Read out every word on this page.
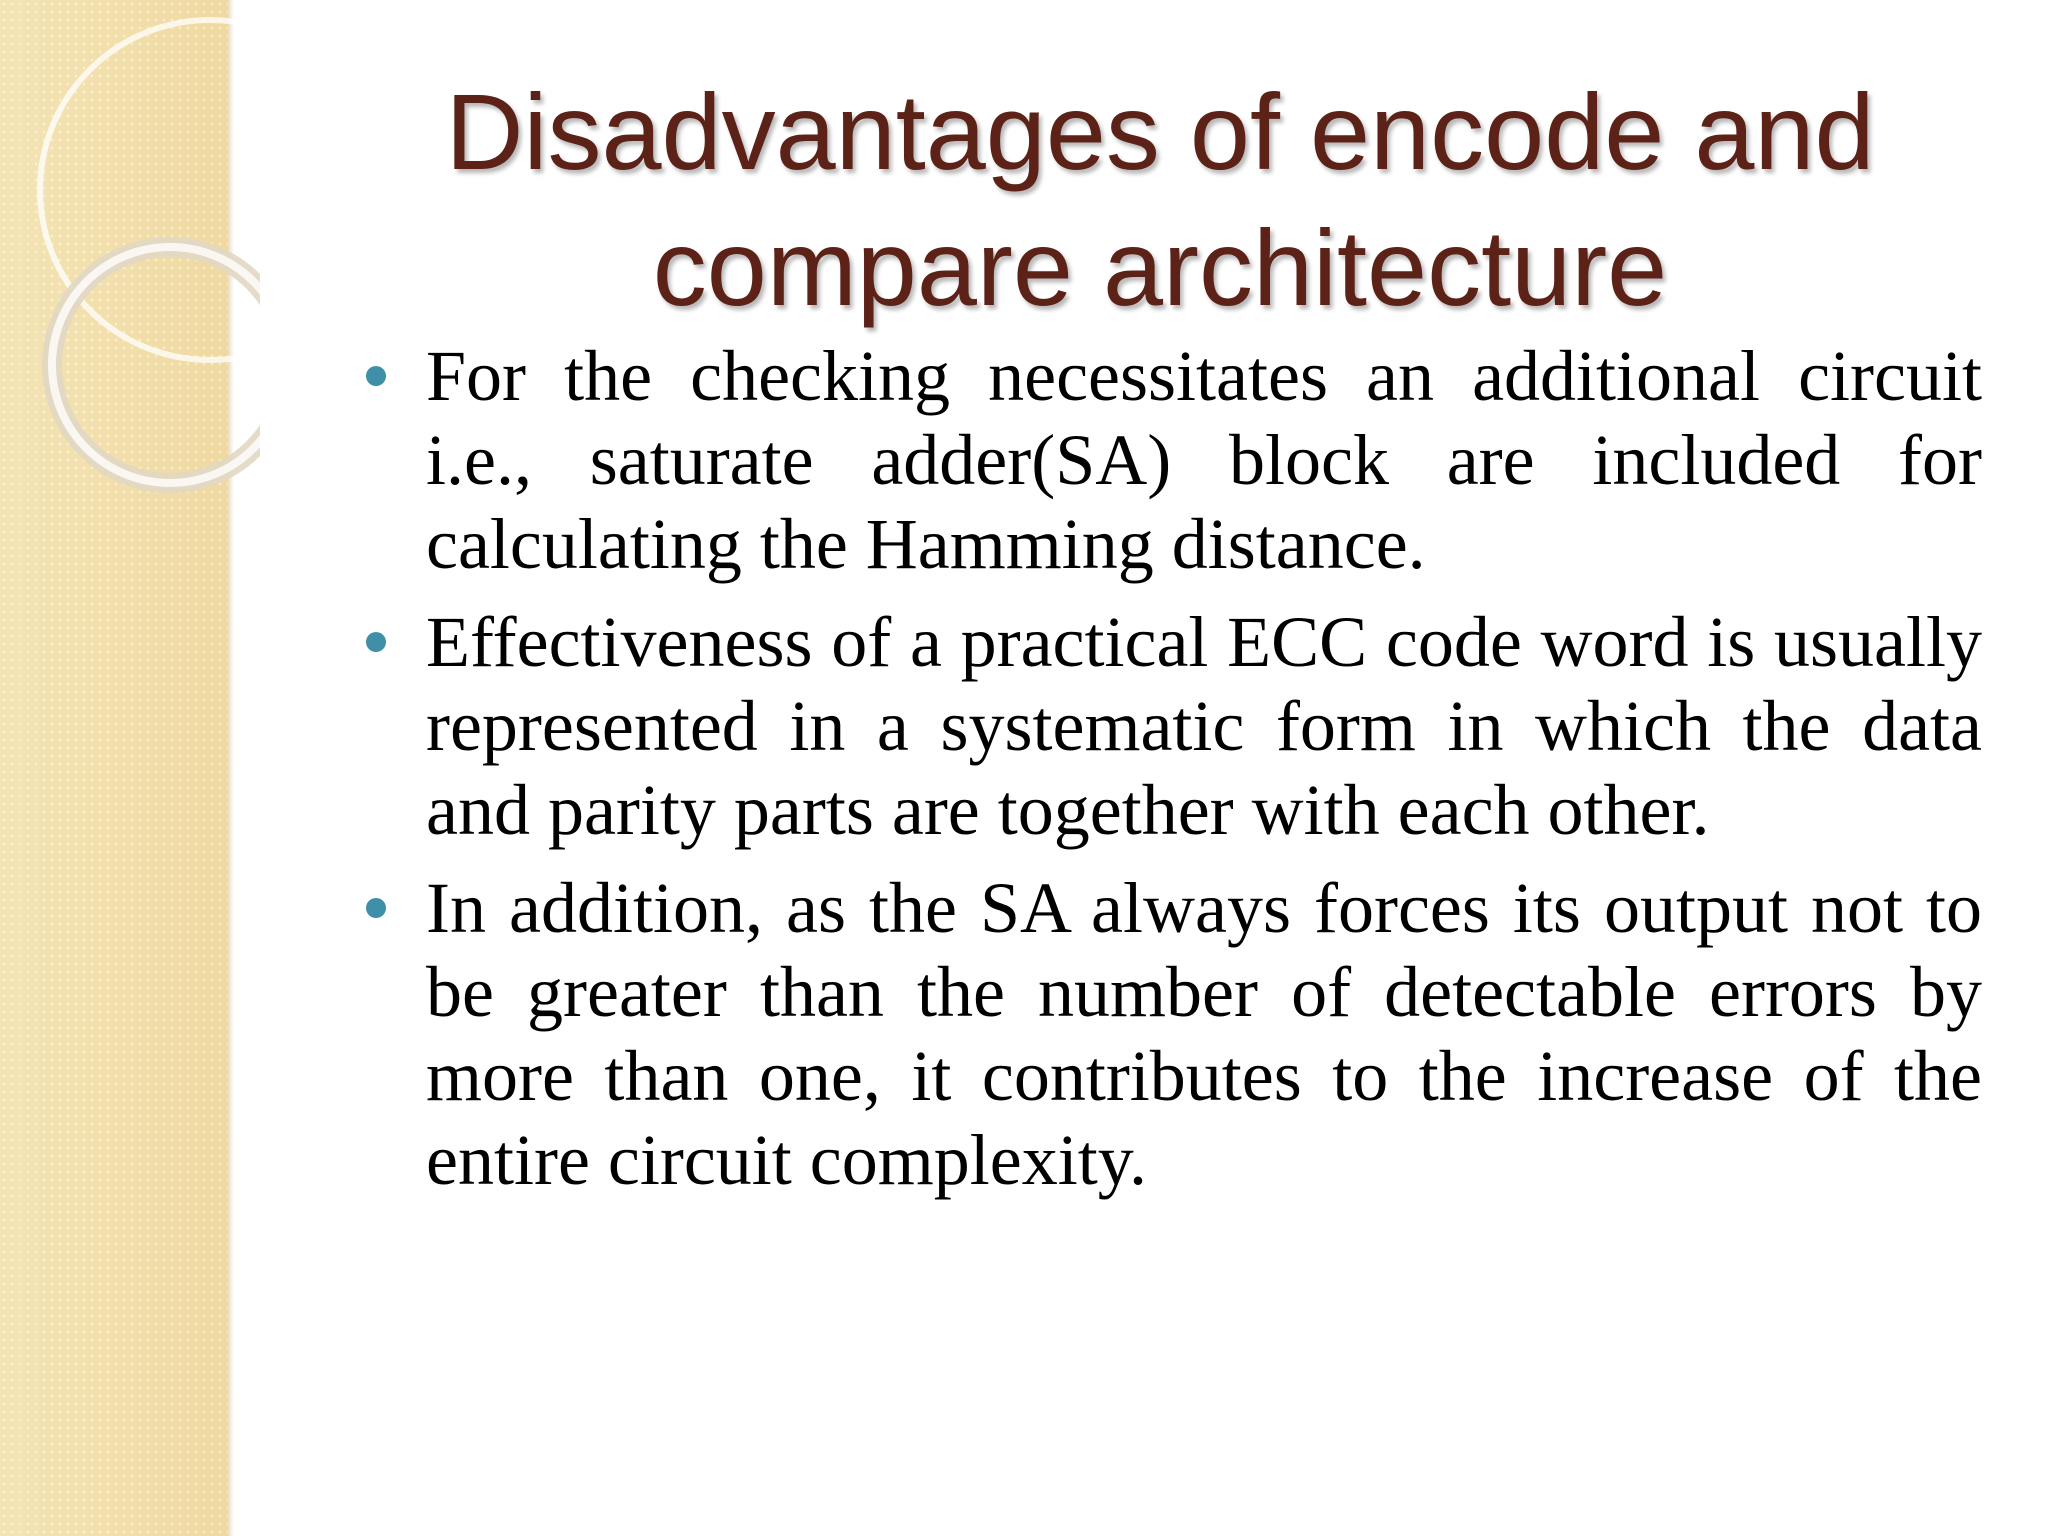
Disadvantages of encode and compare architecture
For the checking necessitates an additional circuit i.e., saturate adder(SA) block are included for calculating the Hamming distance.
Effectiveness of a practical ECC code word is usually represented in a systematic form in which the data and parity parts are together with each other.
In addition, as the SA always forces its output not to be greater than the number of detectable errors by more than one, it contributes to the increase of the entire circuit complexity.
